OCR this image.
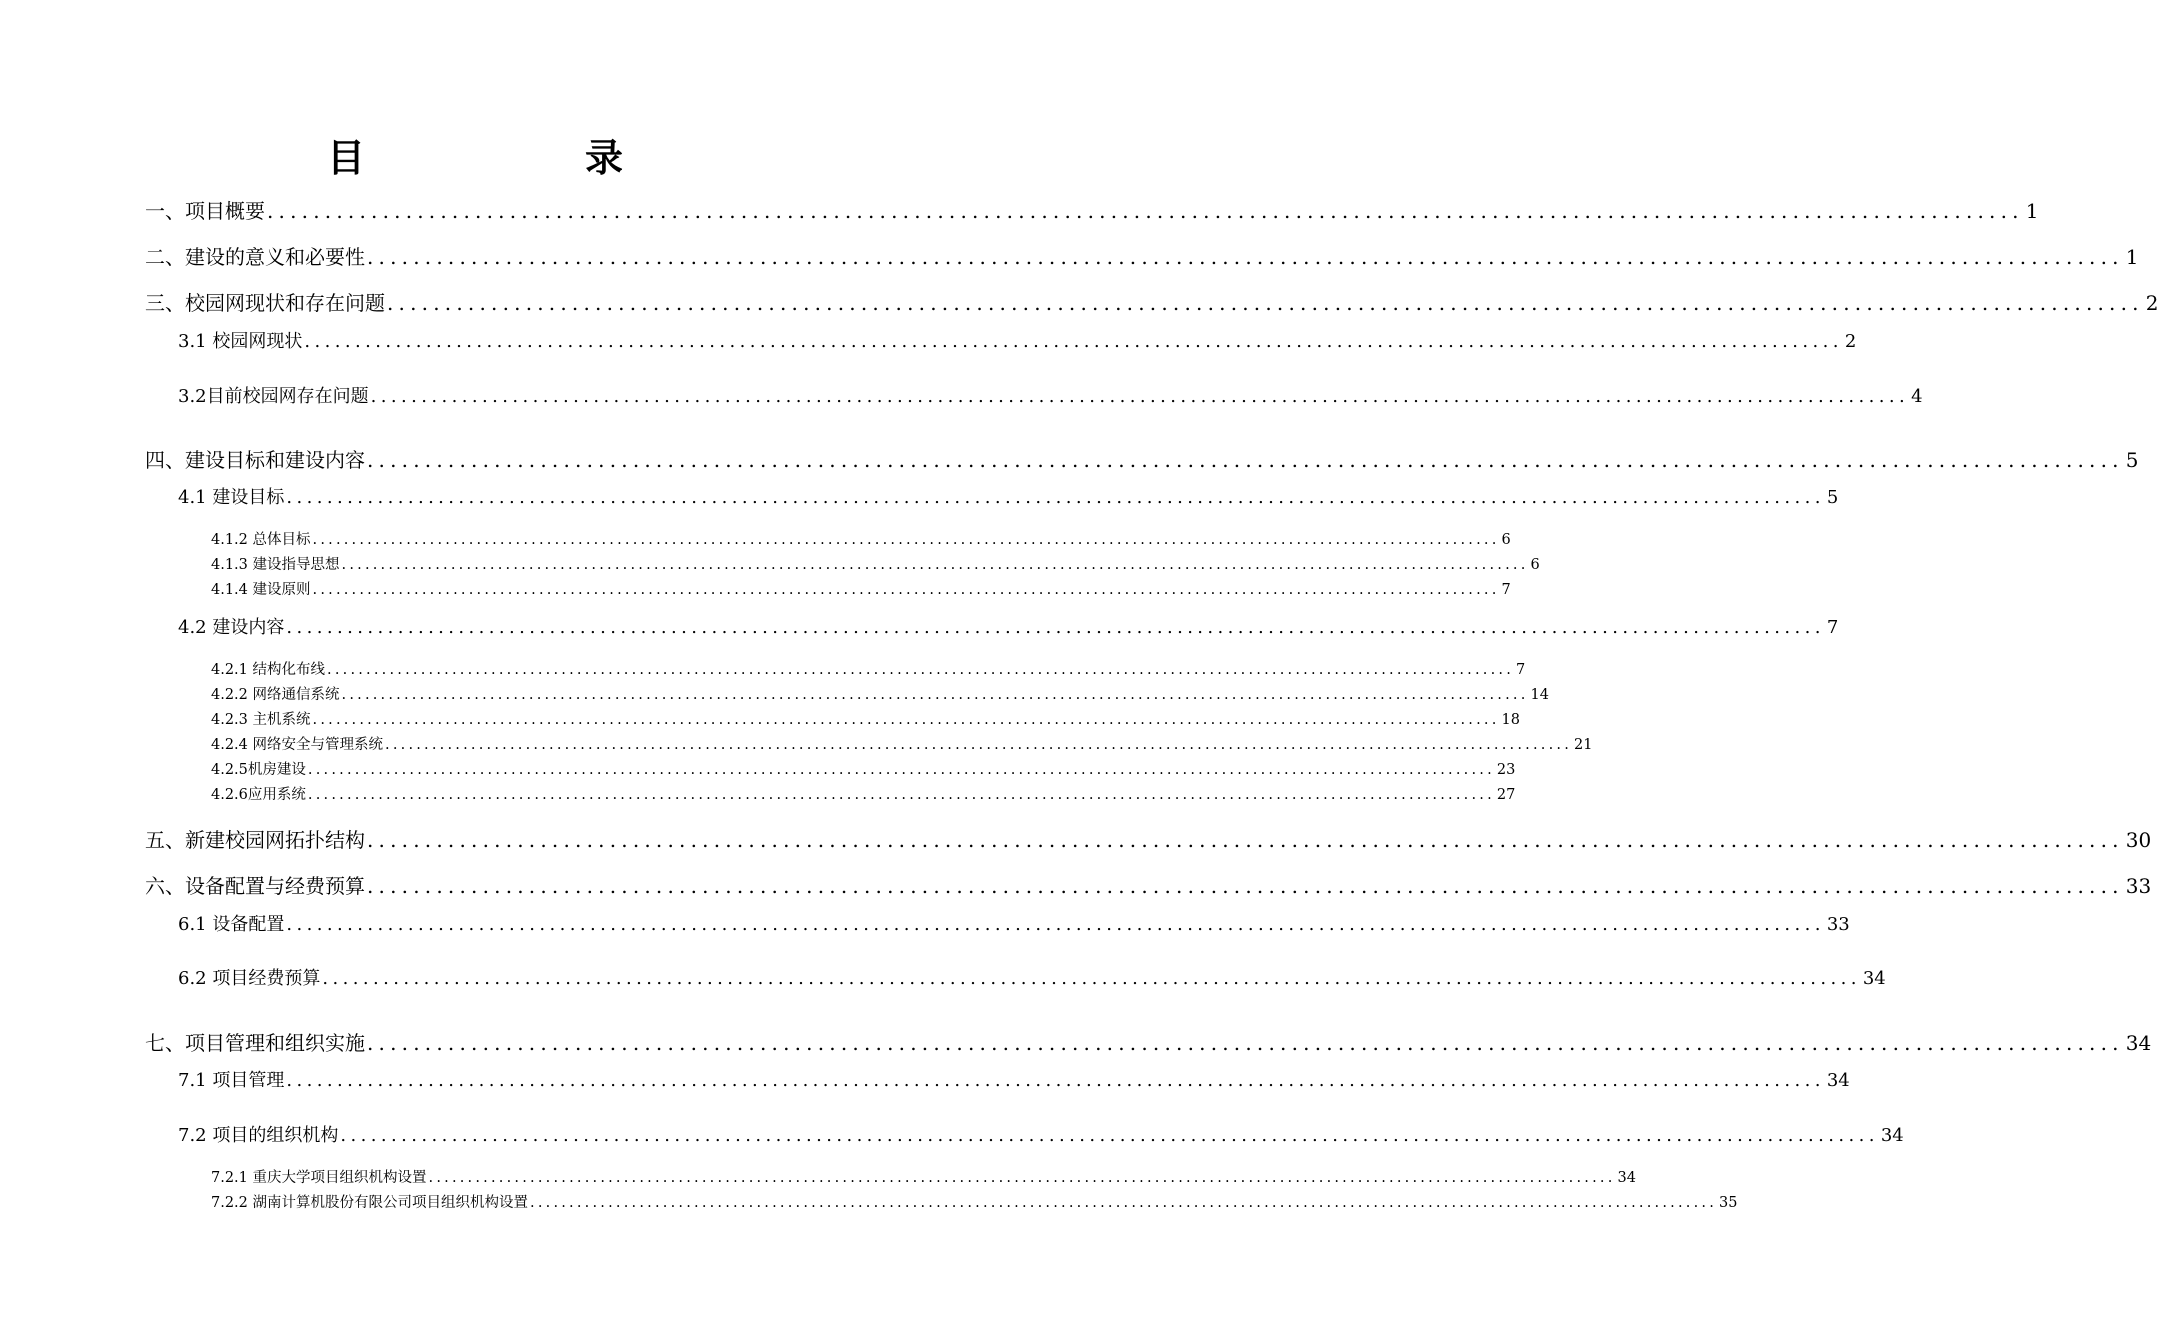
目　　录
一、项目概要 ........................................................................................................................................................ 1
二、建设的意义和必要性 ........................................................................................................................................................ 1
三、校园网现状和存在问题 ........................................................................................................................................................ 2
3.1 校园网现状 ........................................................................................................................................................ 2
3.2目前校园网存在问题 ........................................................................................................................................................ 4
四、建设目标和建设内容 ........................................................................................................................................................ 5
4.1 建设目标 ........................................................................................................................................................ 5
4.1.2 总体目标 ........................................................................................................................................................ 6
4.1.3 建设指导思想 ........................................................................................................................................................ 6
4.1.4 建设原则 ........................................................................................................................................................ 7
4.2 建设内容 ........................................................................................................................................................ 7
4.2.1 结构化布线 ........................................................................................................................................................ 7
4.2.2 网络通信系统 ........................................................................................................................................................ 14
4.2.3 主机系统 ........................................................................................................................................................ 18
4.2.4 网络安全与管理系统 ........................................................................................................................................................ 21
4.2.5机房建设 ........................................................................................................................................................ 23
4.2.6应用系统 ........................................................................................................................................................ 27
五、新建校园网拓扑结构 ........................................................................................................................................................ 30
六、设备配置与经费预算 ........................................................................................................................................................ 33
6.1 设备配置 ........................................................................................................................................................ 33
6.2 项目经费预算 ........................................................................................................................................................ 34
七、项目管理和组织实施 ........................................................................................................................................................ 34
7.1 项目管理 ........................................................................................................................................................ 34
7.2 项目的组织机构 ........................................................................................................................................................ 34
7.2.1 重庆大学项目组织机构设置 ........................................................................................................................................................ 34
7.2.2 湖南计算机股份有限公司项目组织机构设置 ........................................................................................................................................................ 35
